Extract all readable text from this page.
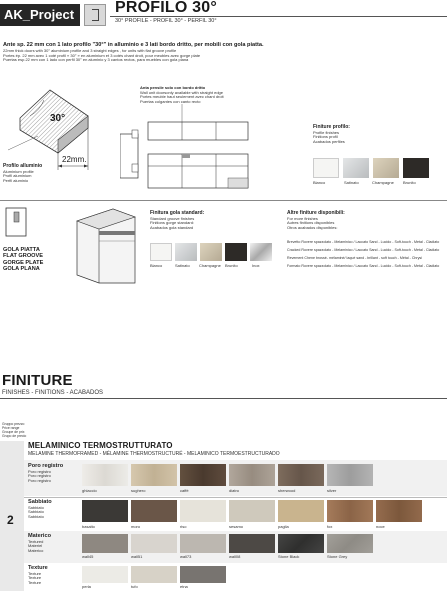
AK_Project	PROFILO 30°
30° PROFILE - PROFIL 30° - PERFIL 30°
Ante sp. 22 mm con 1 lato profilo "30°" in alluminio e 3 lati bordo dritto, per mobili con gola piatta.
22mm thick doors with 30° aluminium profile and 3 straight edges , for units with flat groove profile
Portes ép. 22 mm avec 1 coté profil « 30° » en aluminium et 3 cotés chant droit, pour meubles avec gorge plate
Puertas esp.22 mm con 1 lado con perfil 30° en aluminio y 3 cantos rectos, para muebles con gola plana
30°
22mm.
Profilo alluminio
Aluminium profile
Profil aluminium
Perfil aluminio
Anta pensile solo con bordo dritto
Wall unit doorsonly available with straight edge
Portes meuble haut seulement avec chant droit
Puertas colgantes con canto recto
Finiture profilo:
Profile finishes
Finitions profil
Acabados perfiles
Bianco	Satinato	Champagne Brunito
GOLA PIATTA
FLAT GROOVE
GORGE PLATE
GOLA PLANA
Finitura gola standard:
Standard groove finishes
Finitions gorge standard:
Acabados gola standard
Bianco	Satinato Champagne Brunito	Inox
Altre finiture disponibili:
For more finishes
Autres finitions disponibles
Otros acabados disponibles:
Brevetto Rovere spazzolato - Melaminico / Laccato Sand - Lucido - Soft-touch - Metal - Cladiato
Cracked Rovere spazzolato - Melaminico / Laccato Sand - Lucido - Soft-touch - Metal - Cladiato
Revement Chene brossé- mélaminé/ laqué sand - brillant - soft touch - Métal - Chrysi
Formato Rovere spazzolato - Melaminico / Laccato Sand - Lucido - Soft-touch - Metal - Cladiato
FINITURE
FINISHES - FINITIONS - ACABADOS
Gruppo prezzo
Price range
Groupe de prix
Grupo de precio
2
MELAMINICO TERMOSTRUTTURATO
MELAMINE THERMOFRAMED - MÉLAMINE THERMOSTRUCTURÉ - MELAMINICO TERMOESTRUCTURADO
Poro registro
Poro registro
Poro registro
Poro registro
ghiaccio	sughero	caffè	diatro	sherwood	silver
Sabbiato
Sabbiato
Sabbiato
Sabbiato
basalto	moro	riso	sesamo	paglia	fox	noce
Materico
Textured
Materiel
Materico
wall45	wall51	wall73	wall08	Stone Black	Stone Grey
Texture
Texture
Texture
Texture
perla	tufo	etna
